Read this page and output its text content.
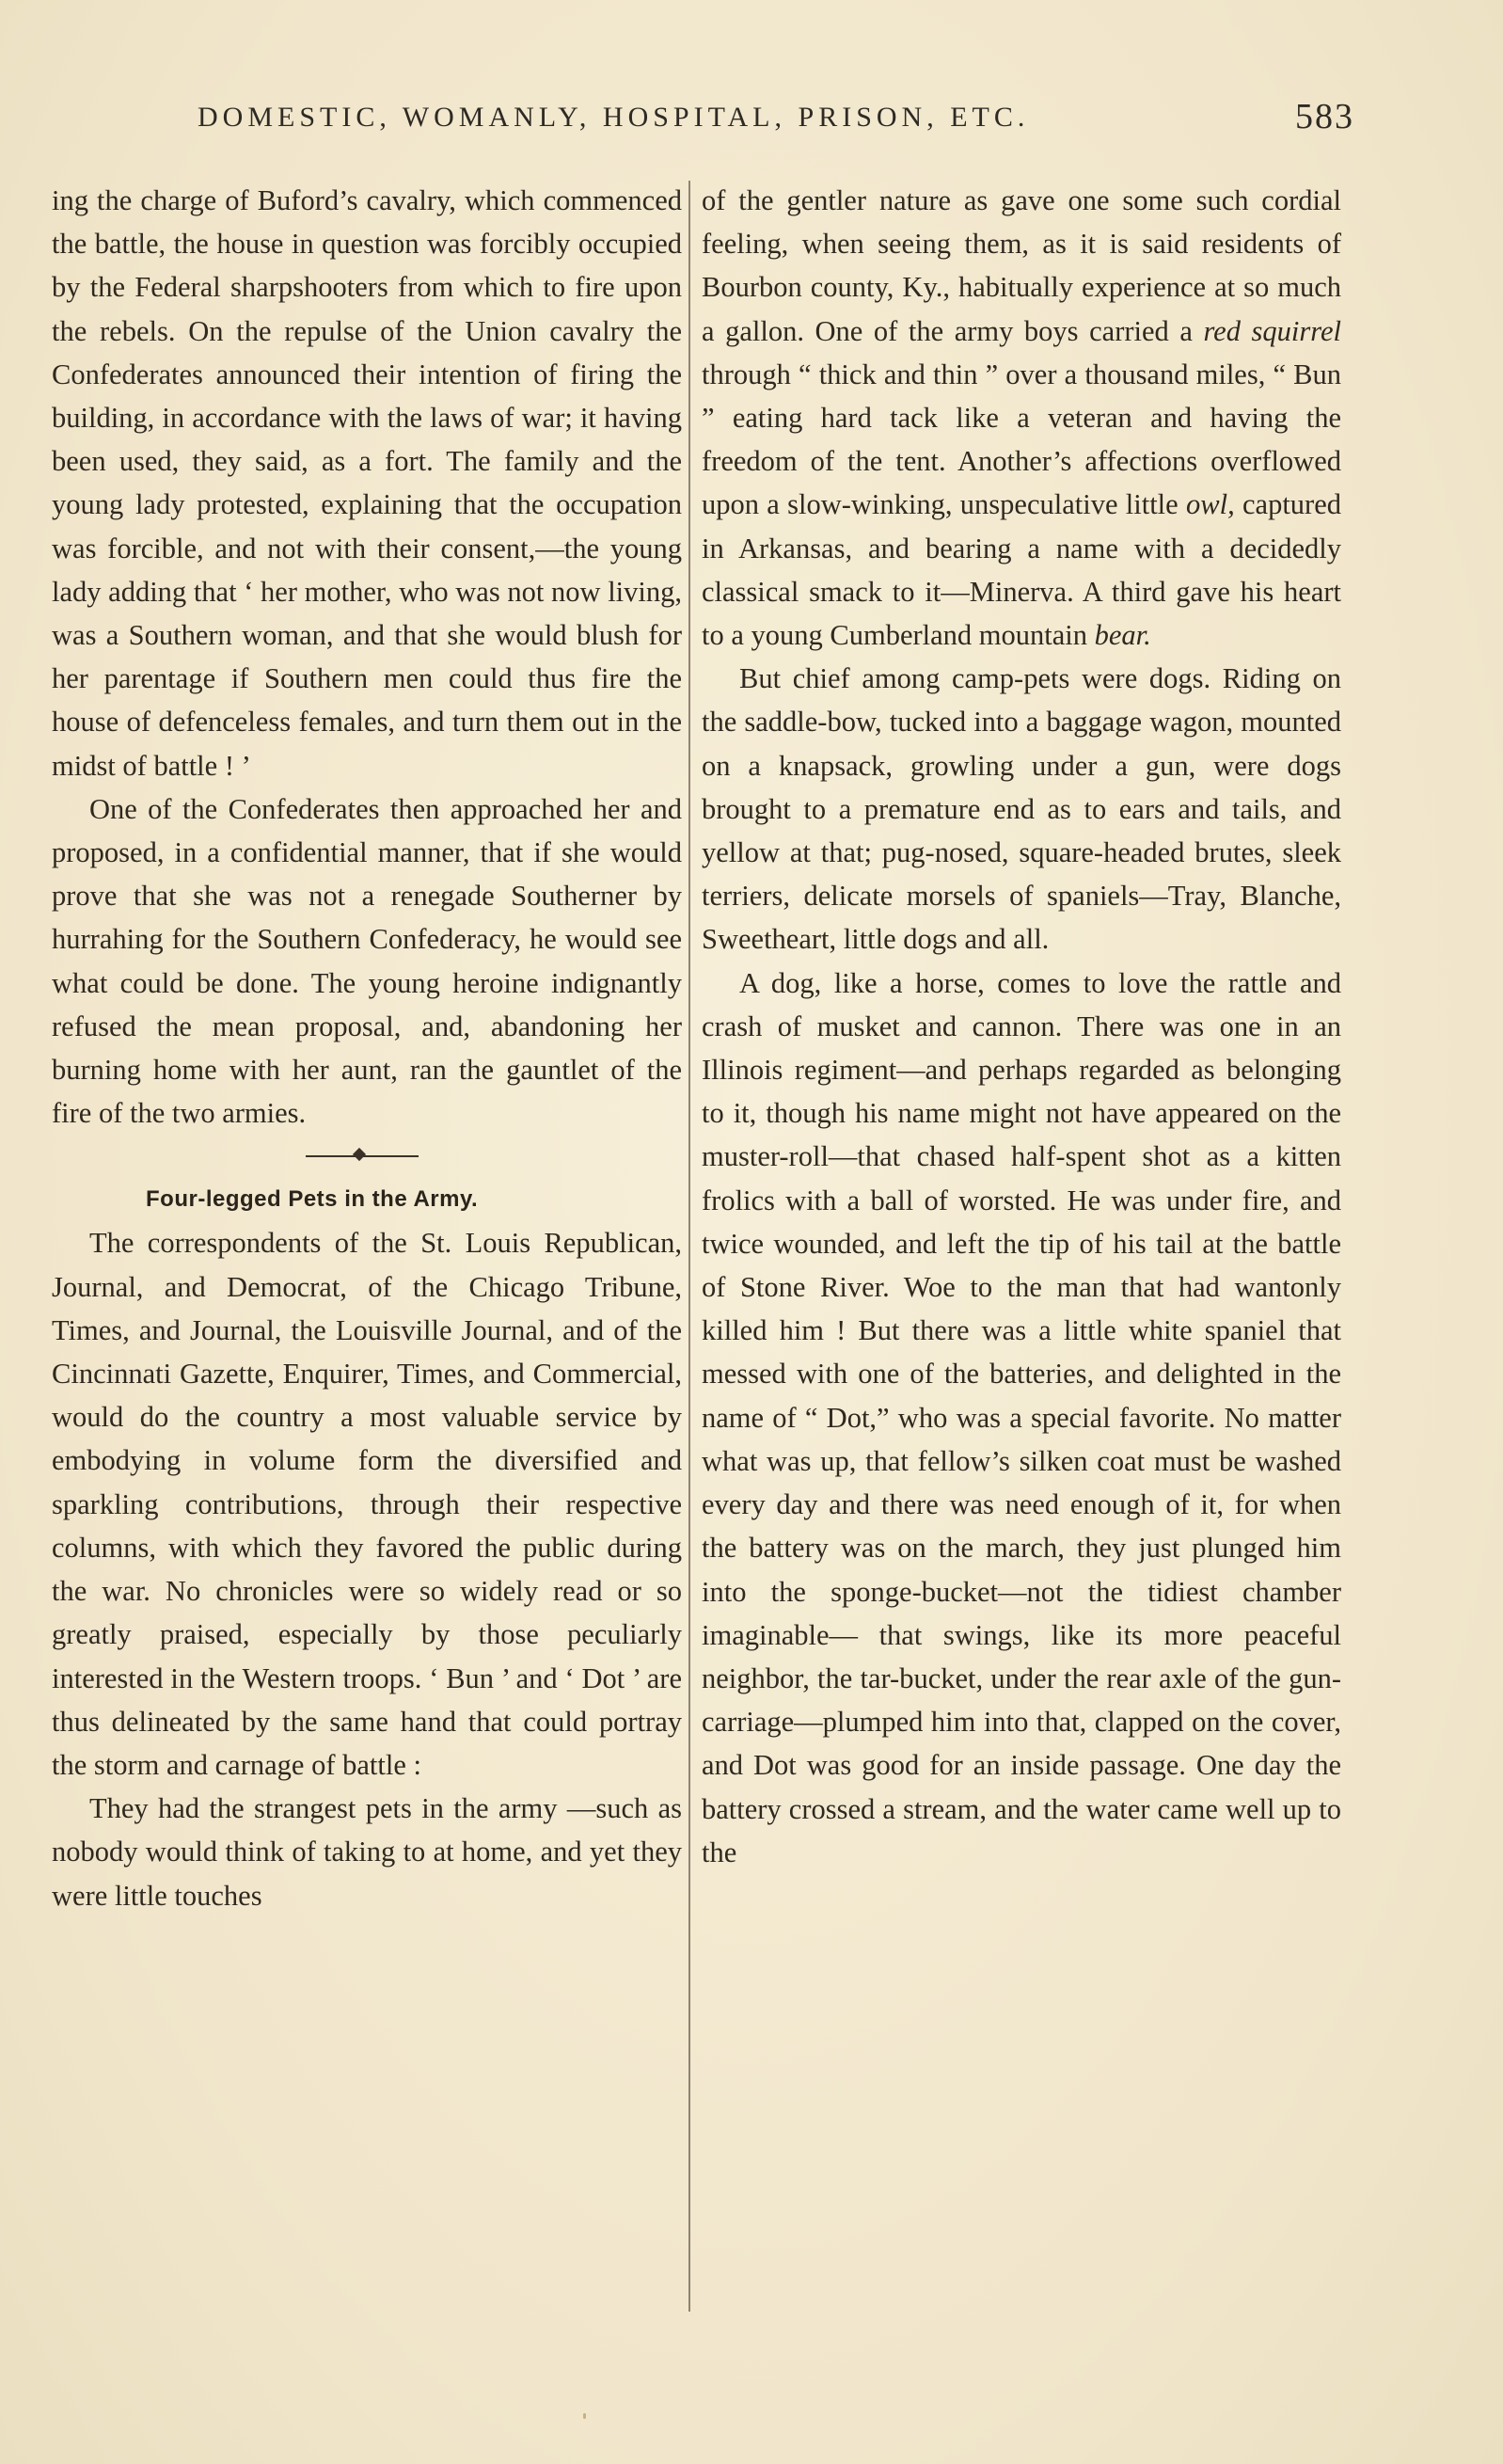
DOMESTIC, WOMANLY, HOSPITAL, PRISON, ETC.	583

ing the charge of Buford’s cavalry, which commenced the battle, the house in question was forcibly occupied by the Federal sharpshooters from which to fire upon the rebels. On the repulse of the Union cavalry the Confederates announced their intention of firing the building, in accordance with the laws of war; it having been used, they said, as a fort. The family and the young lady protested, explaining that the occupation was forcible, and not with their consent,—the young lady adding that ‘ her mother, who was not now living, was a Southern woman, and that she would blush for her parentage if Southern men could thus fire the house of defenceless females, and turn them out in the midst of battle ! ’

One of the Confederates then approached her and proposed, in a confidential manner, that if she would prove that she was not a renegade Southerner by hurrahing for the Southern Confederacy, he would see what could be done. The young heroine indignantly refused the mean proposal, and, abandoning her burning home with her aunt, ran the gauntlet of the fire of the two armies.

Four-legged Pets in the Army.

The correspondents of the St. Louis Republican, Journal, and Democrat, of the Chicago Tribune, Times, and Journal, the Louisville Journal, and of the Cincinnati Gazette, Enquirer, Times, and Commercial, would do the country a most valuable service by embodying in volume form the diversified and sparkling contributions, through their respective columns, with which they favored the public during the war. No chronicles were so widely read or so greatly praised, especially by those peculiarly interested in the Western troops. ‘ Bun ’ and ‘ Dot ’ are thus delineated by the same hand that could portray the storm and carnage of battle :

They had the strangest pets in the army —such as nobody would think of taking to at home, and yet they were little touches

of the gentler nature as gave one some such cordial feeling, when seeing them, as it is said residents of Bourbon county, Ky., habitually experience at so much a gallon. One of the army boys carried a red squirrel through “ thick and thin ” over a thousand miles, “ Bun ” eating hard tack like a veteran and having the freedom of the tent. Another’s affections overflowed upon a slow-winking, unspeculative little owl, captured in Arkansas, and bearing a name with a decidedly classical smack to it—Minerva. A third gave his heart to a young Cumberland mountain bear.

But chief among camp-pets were dogs. Riding on the saddle-bow, tucked into a baggage wagon, mounted on a knapsack, growling under a gun, were dogs brought to a premature end as to ears and tails, and yellow at that; pug-nosed, square-headed brutes, sleek terriers, delicate morsels of spaniels—Tray, Blanche, Sweetheart, little dogs and all.

A dog, like a horse, comes to love the rattle and crash of musket and cannon. There was one in an Illinois regiment—and perhaps regarded as belonging to it, though his name might not have appeared on the muster-roll—that chased half-spent shot as a kitten frolics with a ball of worsted. He was under fire, and twice wounded, and left the tip of his tail at the battle of Stone River. Woe to the man that had wantonly killed him ! But there was a little white spaniel that messed with one of the batteries, and delighted in the name of “ Dot,” who was a special favorite. No matter what was up, that fellow’s silken coat must be washed every day and there was need enough of it, for when the battery was on the march, they just plunged him into the sponge-bucket—not the tidiest chamber imaginable— that swings, like its more peaceful neighbor, the tar-bucket, under the rear axle of the gun-carriage—plumped him into that, clapped on the cover, and Dot was good for an inside passage. One day the battery crossed a stream, and the water came well up to the
